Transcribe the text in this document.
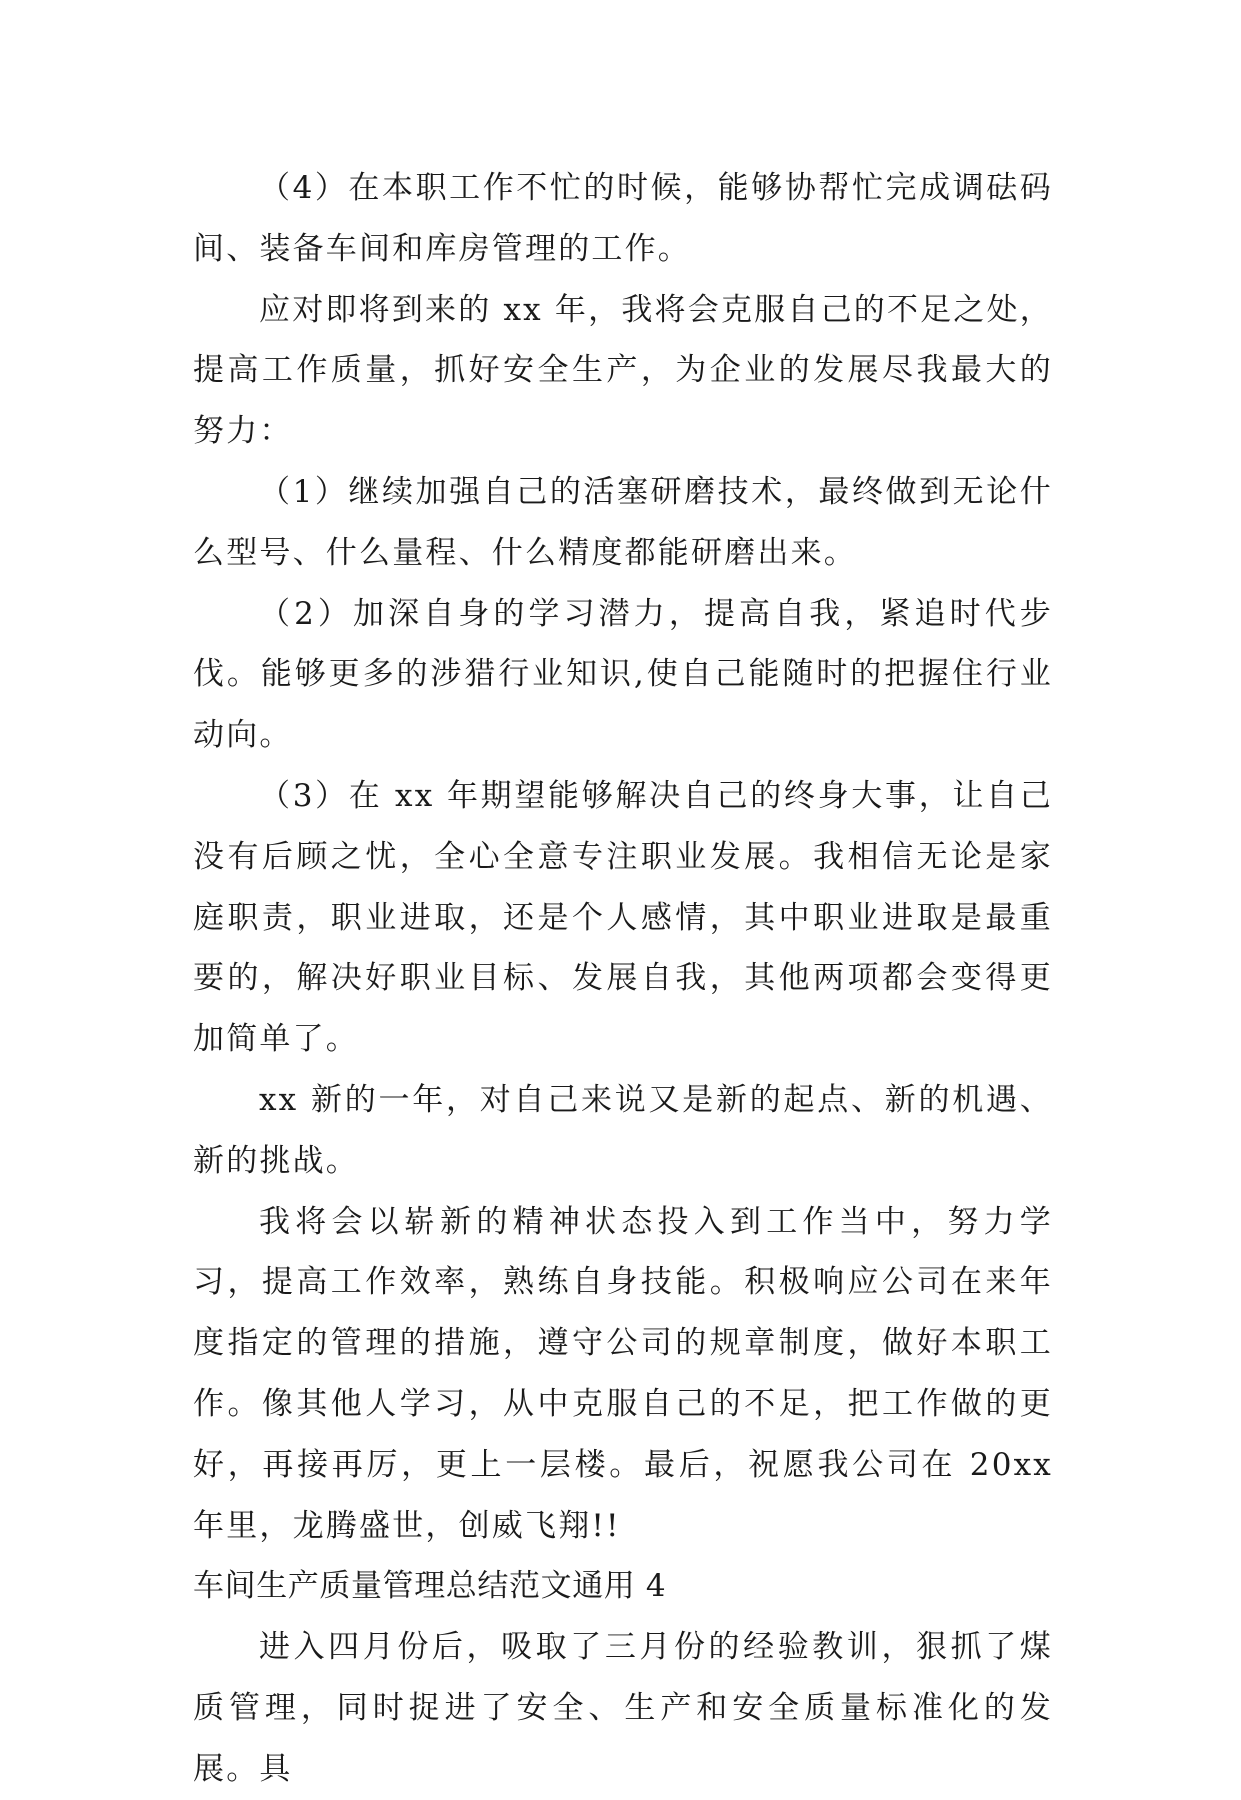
（4）在本职工作不忙的时候，能够协帮忙完成调砝码间、装备车间和库房管理的工作。

应对即将到来的 xx 年，我将会克服自己的不足之处，提高工作质量，抓好安全生产，为企业的发展尽我最大的努力：

（1）继续加强自己的活塞研磨技术，最终做到无论什么型号、什么量程、什么精度都能研磨出来。

（2）加深自身的学习潜力，提高自我，紧追时代步伐。能够更多的涉猎行业知识,使自己能随时的把握住行业动向。

（3）在 xx 年期望能够解决自己的终身大事，让自己没有后顾之忧，全心全意专注职业发展。我相信无论是家庭职责，职业进取，还是个人感情，其中职业进取是最重要的，解决好职业目标、发展自我，其他两项都会变得更加简单了。

xx 新的一年，对自己来说又是新的起点、新的机遇、新的挑战。

我将会以崭新的精神状态投入到工作当中，努力学习，提高工作效率，熟练自身技能。积极响应公司在来年度指定的管理的措施，遵守公司的规章制度，做好本职工作。像其他人学习，从中克服自己的不足，把工作做的更好，再接再厉，更上一层楼。最后，祝愿我公司在 20xx 年里，龙腾盛世，创威飞翔!!

车间生产质量管理总结范文通用 4

进入四月份后，吸取了三月份的经验教训，狠抓了煤质管理，同时捉进了安全、生产和安全质量标准化的发展。具
